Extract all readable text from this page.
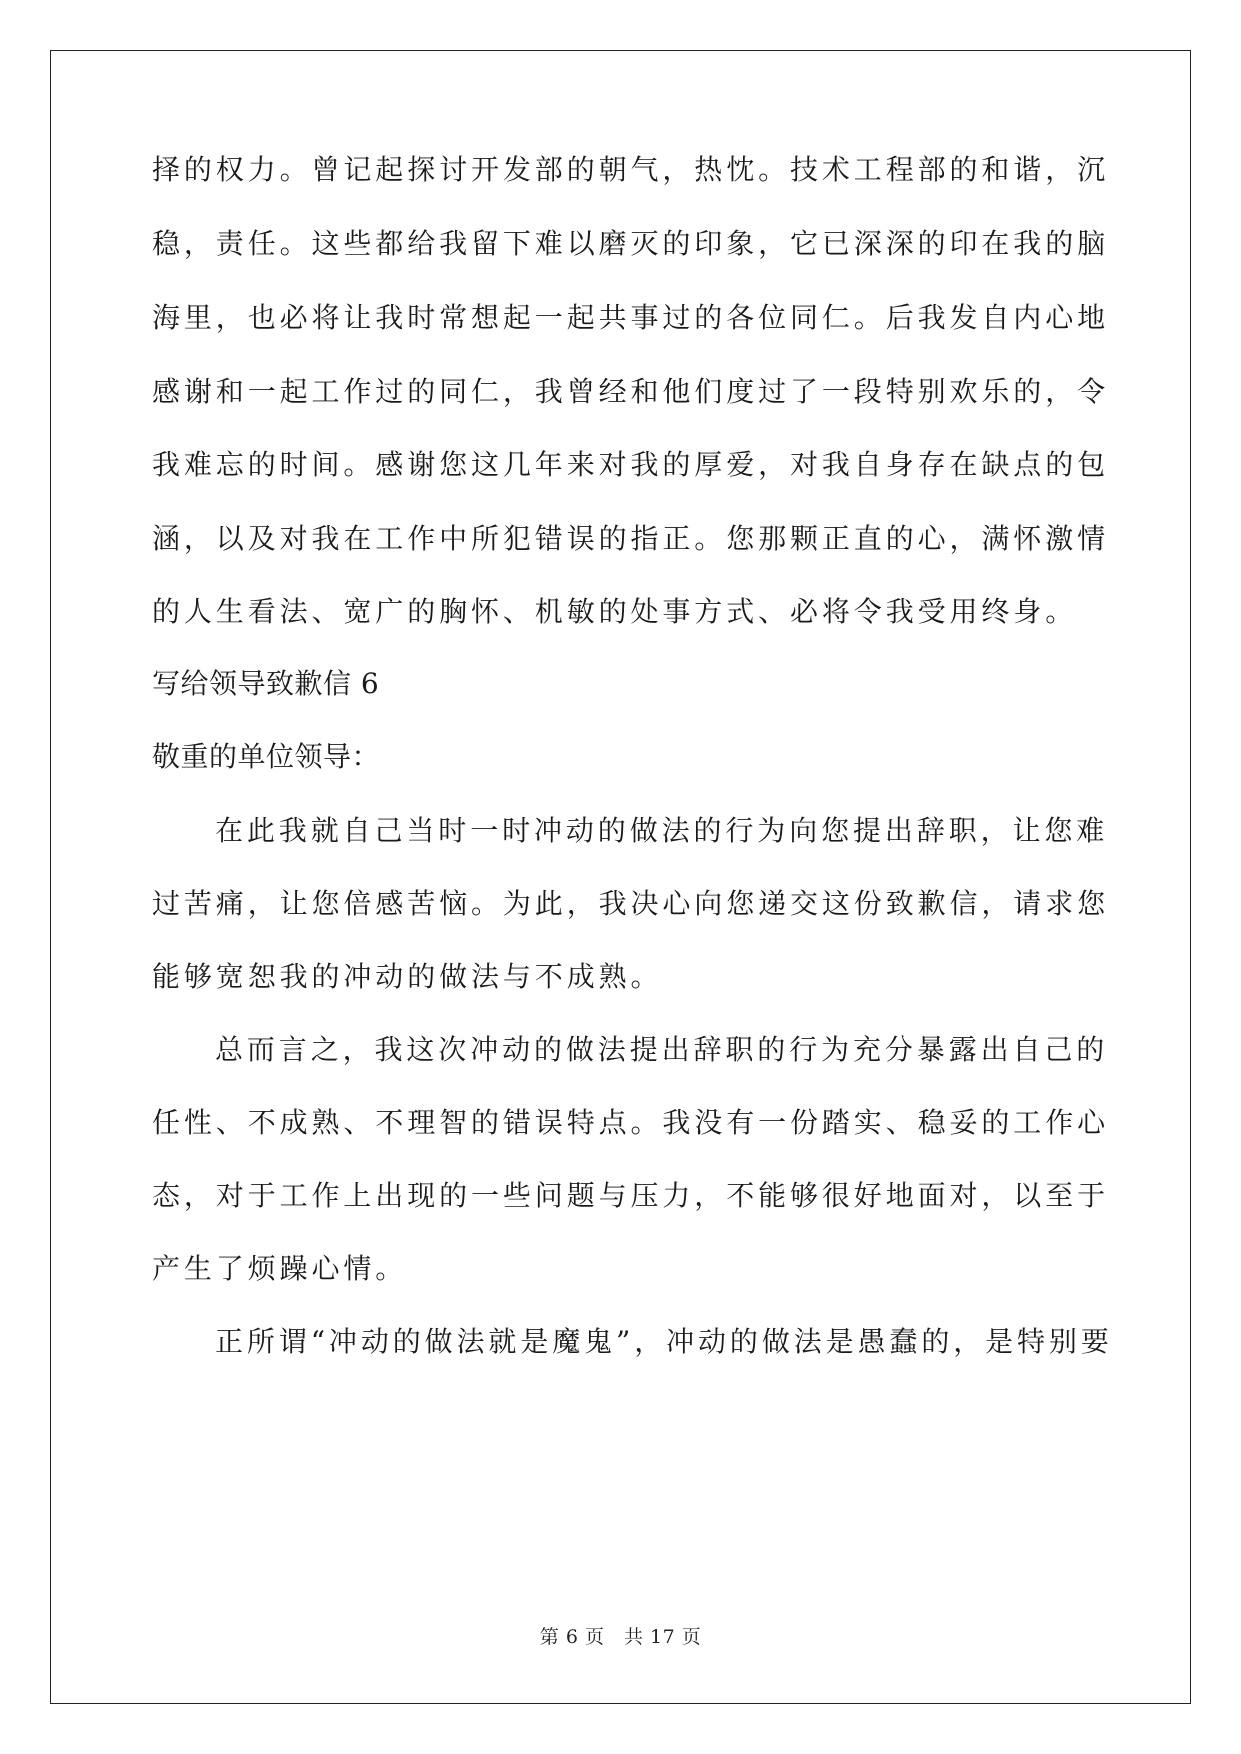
择的权力。曾记起探讨开发部的朝气，热忱。技术工程部的和谐，沉
稳，责任。这些都给我留下难以磨灭的印象，它已深深的印在我的脑
海里，也必将让我时常想起一起共事过的各位同仁。后我发自内心地
感谢和一起工作过的同仁，我曾经和他们度过了一段特别欢乐的，令
我难忘的时间。感谢您这几年来对我的厚爱，对我自身存在缺点的包
涵，以及对我在工作中所犯错误的指正。您那颗正直的心，满怀激情
的人生看法、宽广的胸怀、机敏的处事方式、必将令我受用终身。
写给领导致歉信 6
敬重的单位领导：
在此我就自己当时一时冲动的做法的行为向您提出辞职，让您难
过苦痛，让您倍感苦恼。为此，我决心向您递交这份致歉信，请求您
能够宽恕我的冲动的做法与不成熟。
总而言之，我这次冲动的做法提出辞职的行为充分暴露出自己的
任性、不成熟、不理智的错误特点。我没有一份踏实、稳妥的工作心
态，对于工作上出现的一些问题与压力，不能够很好地面对，以至于
产生了烦躁心情。
正所谓“冲动的做法就是魔鬼”，冲动的做法是愚蠢的，是特别要
第 6 页　共 17 页
